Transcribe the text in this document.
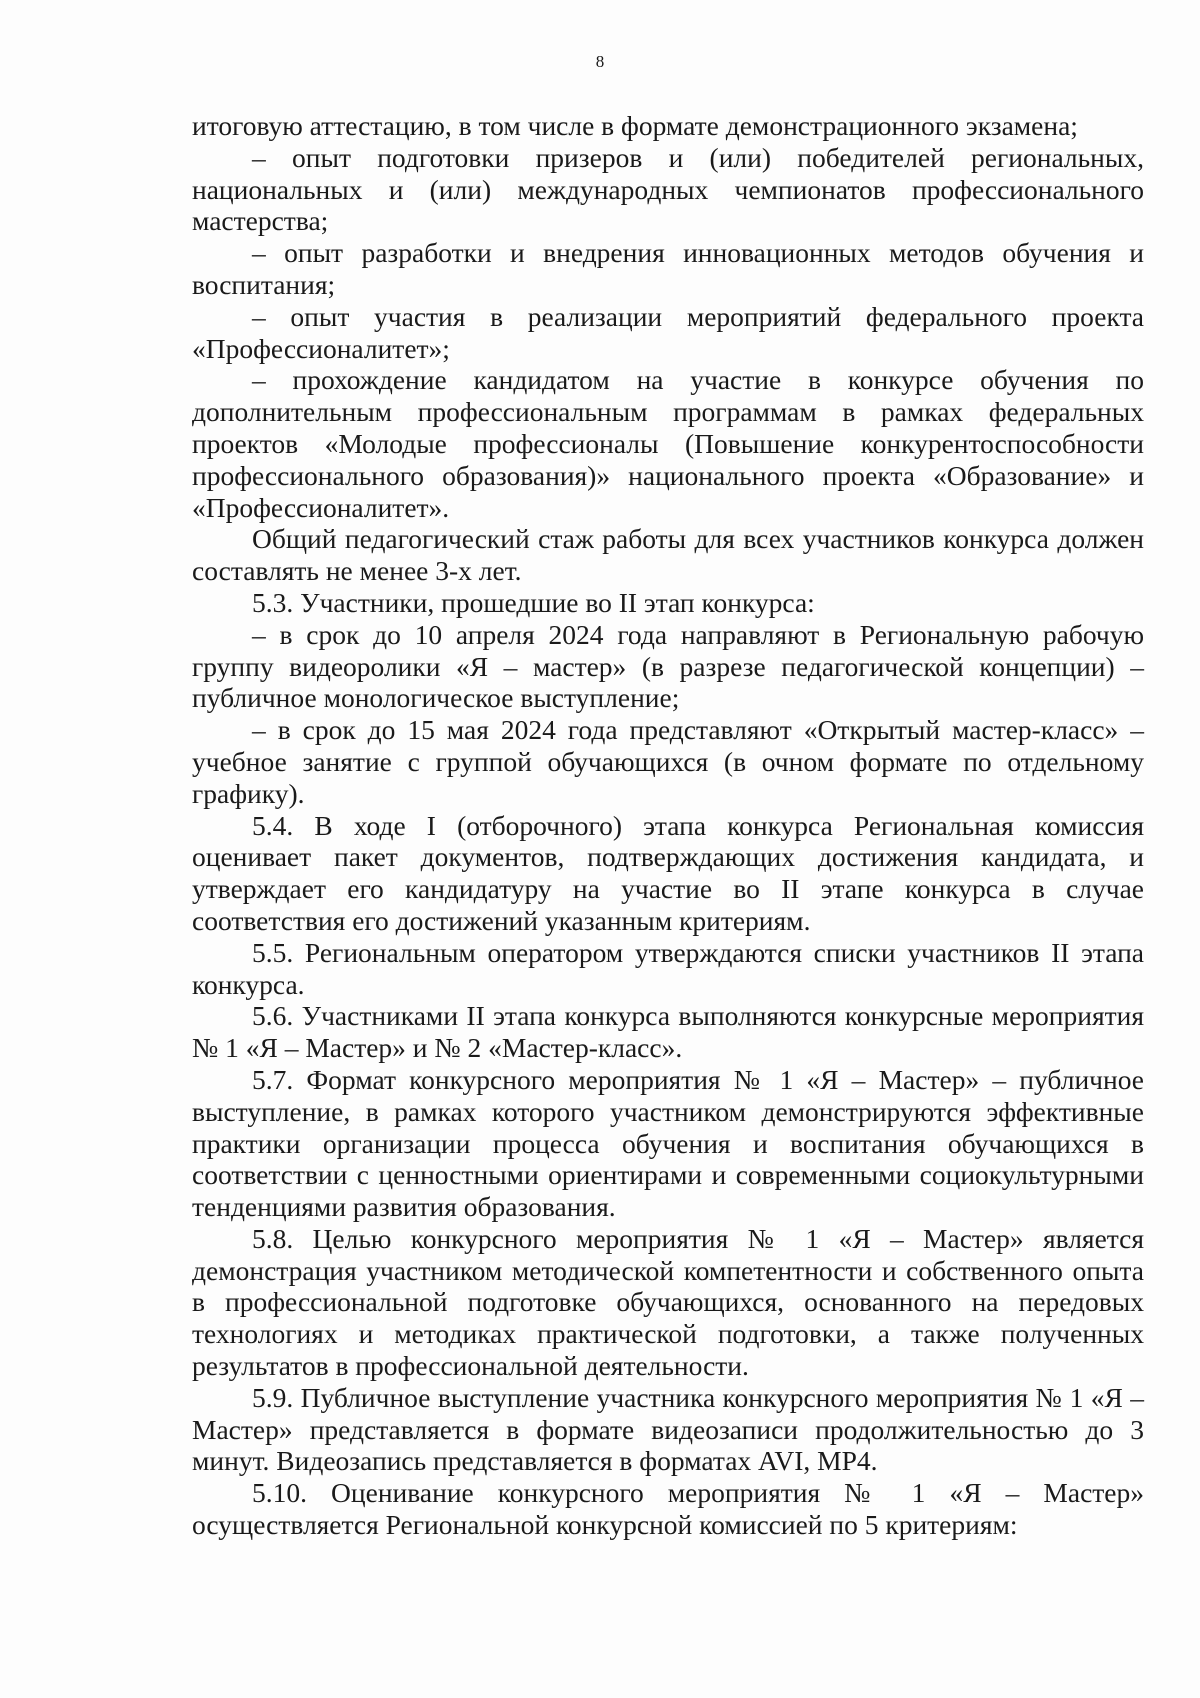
8

итоговую аттестацию, в том числе в формате демонстрационного экзамена;

– опыт подготовки призеров и (или) победителей региональных, национальных и (или) международных чемпионатов профессионального мастерства;

– опыт разработки и внедрения инновационных методов обучения и воспитания;

– опыт участия в реализации мероприятий федерального проекта «Профессионалитет»;

– прохождение кандидатом на участие в конкурсе обучения по дополнительным профессиональным программам в рамках федеральных проектов «Молодые профессионалы (Повышение конкурентоспособности профессионального образования)» национального проекта «Образование» и «Профессионалитет».

Общий педагогический стаж работы для всех участников конкурса должен составлять не менее 3-х лет.

5.3. Участники, прошедшие во II этап конкурса:

– в срок до 10 апреля 2024 года направляют в Региональную рабочую группу видеоролики «Я – мастер» (в разрезе педагогической концепции) – публичное монологическое выступление;

– в срок до 15 мая 2024 года представляют «Открытый мастер-класс» – учебное занятие с группой обучающихся (в очном формате по отдельному графику).

5.4. В ходе I (отборочного) этапа конкурса Региональная комиссия оценивает пакет документов, подтверждающих достижения кандидата, и утверждает его кандидатуру на участие во II этапе конкурса в случае соответствия его достижений указанным критериям.

5.5. Региональным оператором утверждаются списки участников II этапа конкурса.

5.6. Участниками II этапа конкурса выполняются конкурсные мероприятия № 1 «Я – Мастер» и № 2 «Мастер-класс».

5.7. Формат конкурсного мероприятия № 1 «Я – Мастер» – публичное выступление, в рамках которого участником демонстрируются эффективные практики организации процесса обучения и воспитания обучающихся в соответствии с ценностными ориентирами и современными социокультурными тенденциями развития образования.

5.8. Целью конкурсного мероприятия № 1 «Я – Мастер» является демонстрация участником методической компетентности и собственного опыта в профессиональной подготовке обучающихся, основанного на передовых технологиях и методиках практической подготовки, а также полученных результатов в профессиональной деятельности.

5.9. Публичное выступление участника конкурсного мероприятия № 1 «Я – Мастер» представляется в формате видеозаписи продолжительностью до 3 минут. Видеозапись представляется в форматах AVI, MP4.

5.10. Оценивание конкурсного мероприятия № 1 «Я – Мастер» осуществляется Региональной конкурсной комиссией по 5 критериям:
